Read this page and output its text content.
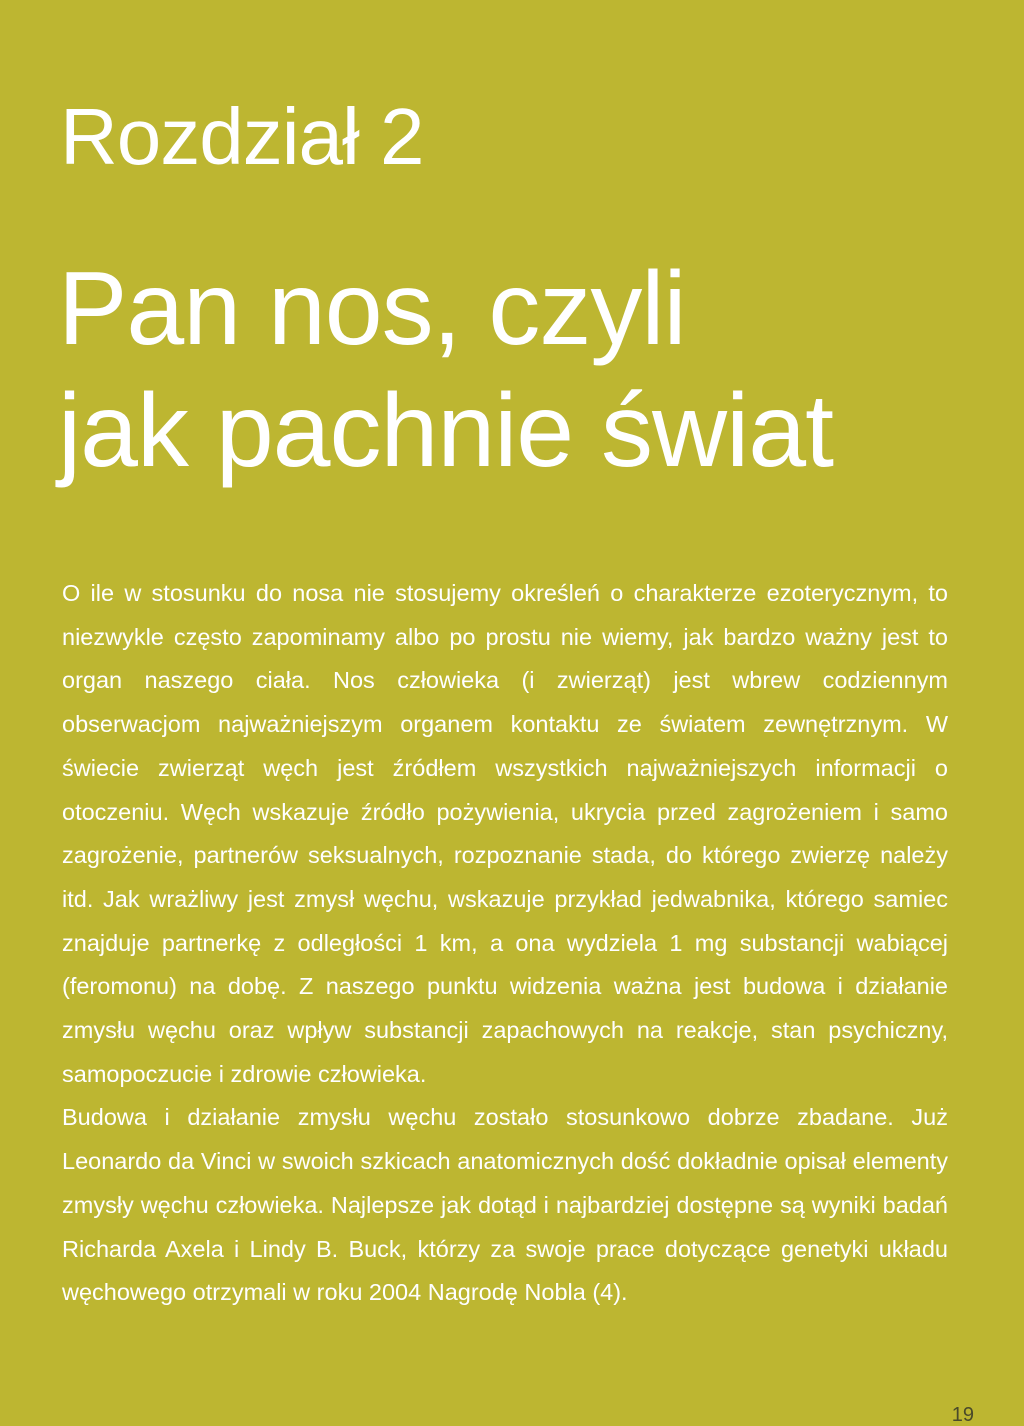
Rozdział 2
Pan nos, czyli
jak pachnie świat

O ile w stosunku do nosa nie stosujemy określeń o charakterze ezoterycznym, to niezwykle często zapominamy albo po prostu nie wiemy, jak bardzo ważny jest to organ naszego ciała. Nos człowieka (i zwierząt) jest wbrew codziennym obserwacjom najważniejszym organem kontaktu ze światem zewnętrznym. W świecie zwierząt węch jest źródłem wszystkich najważniejszych informacji o otoczeniu. Węch wskazuje źródło pożywienia, ukrycia przed zagrożeniem i samo zagrożenie, partnerów seksualnych, rozpoznanie stada, do którego zwierzę należy itd. Jak wrażliwy jest zmysł węchu, wskazuje przykład jedwabnika, którego samiec znajduje partnerkę z odległości 1 km, a ona wydziela 1 mg substancji wabiącej (feromonu) na dobę. Z naszego punktu widzenia ważna jest budowa i działanie zmysłu węchu oraz wpływ substancji zapachowych na reakcje, stan psychiczny, samopoczucie i zdrowie człowieka.

Budowa i działanie zmysłu węchu zostało stosunkowo dobrze zbadane. Już Leonardo da Vinci w swoich szkicach anatomicznych dość dokładnie opisał elementy zmysły węchu człowieka. Najlepsze jak dotąd i najbardziej dostępne są wyniki badań Richarda Axela i Lindy B. Buck, którzy za swoje prace dotyczące genetyki układu węchowego otrzymali w roku 2004 Nagrodę Nobla (4).

19
